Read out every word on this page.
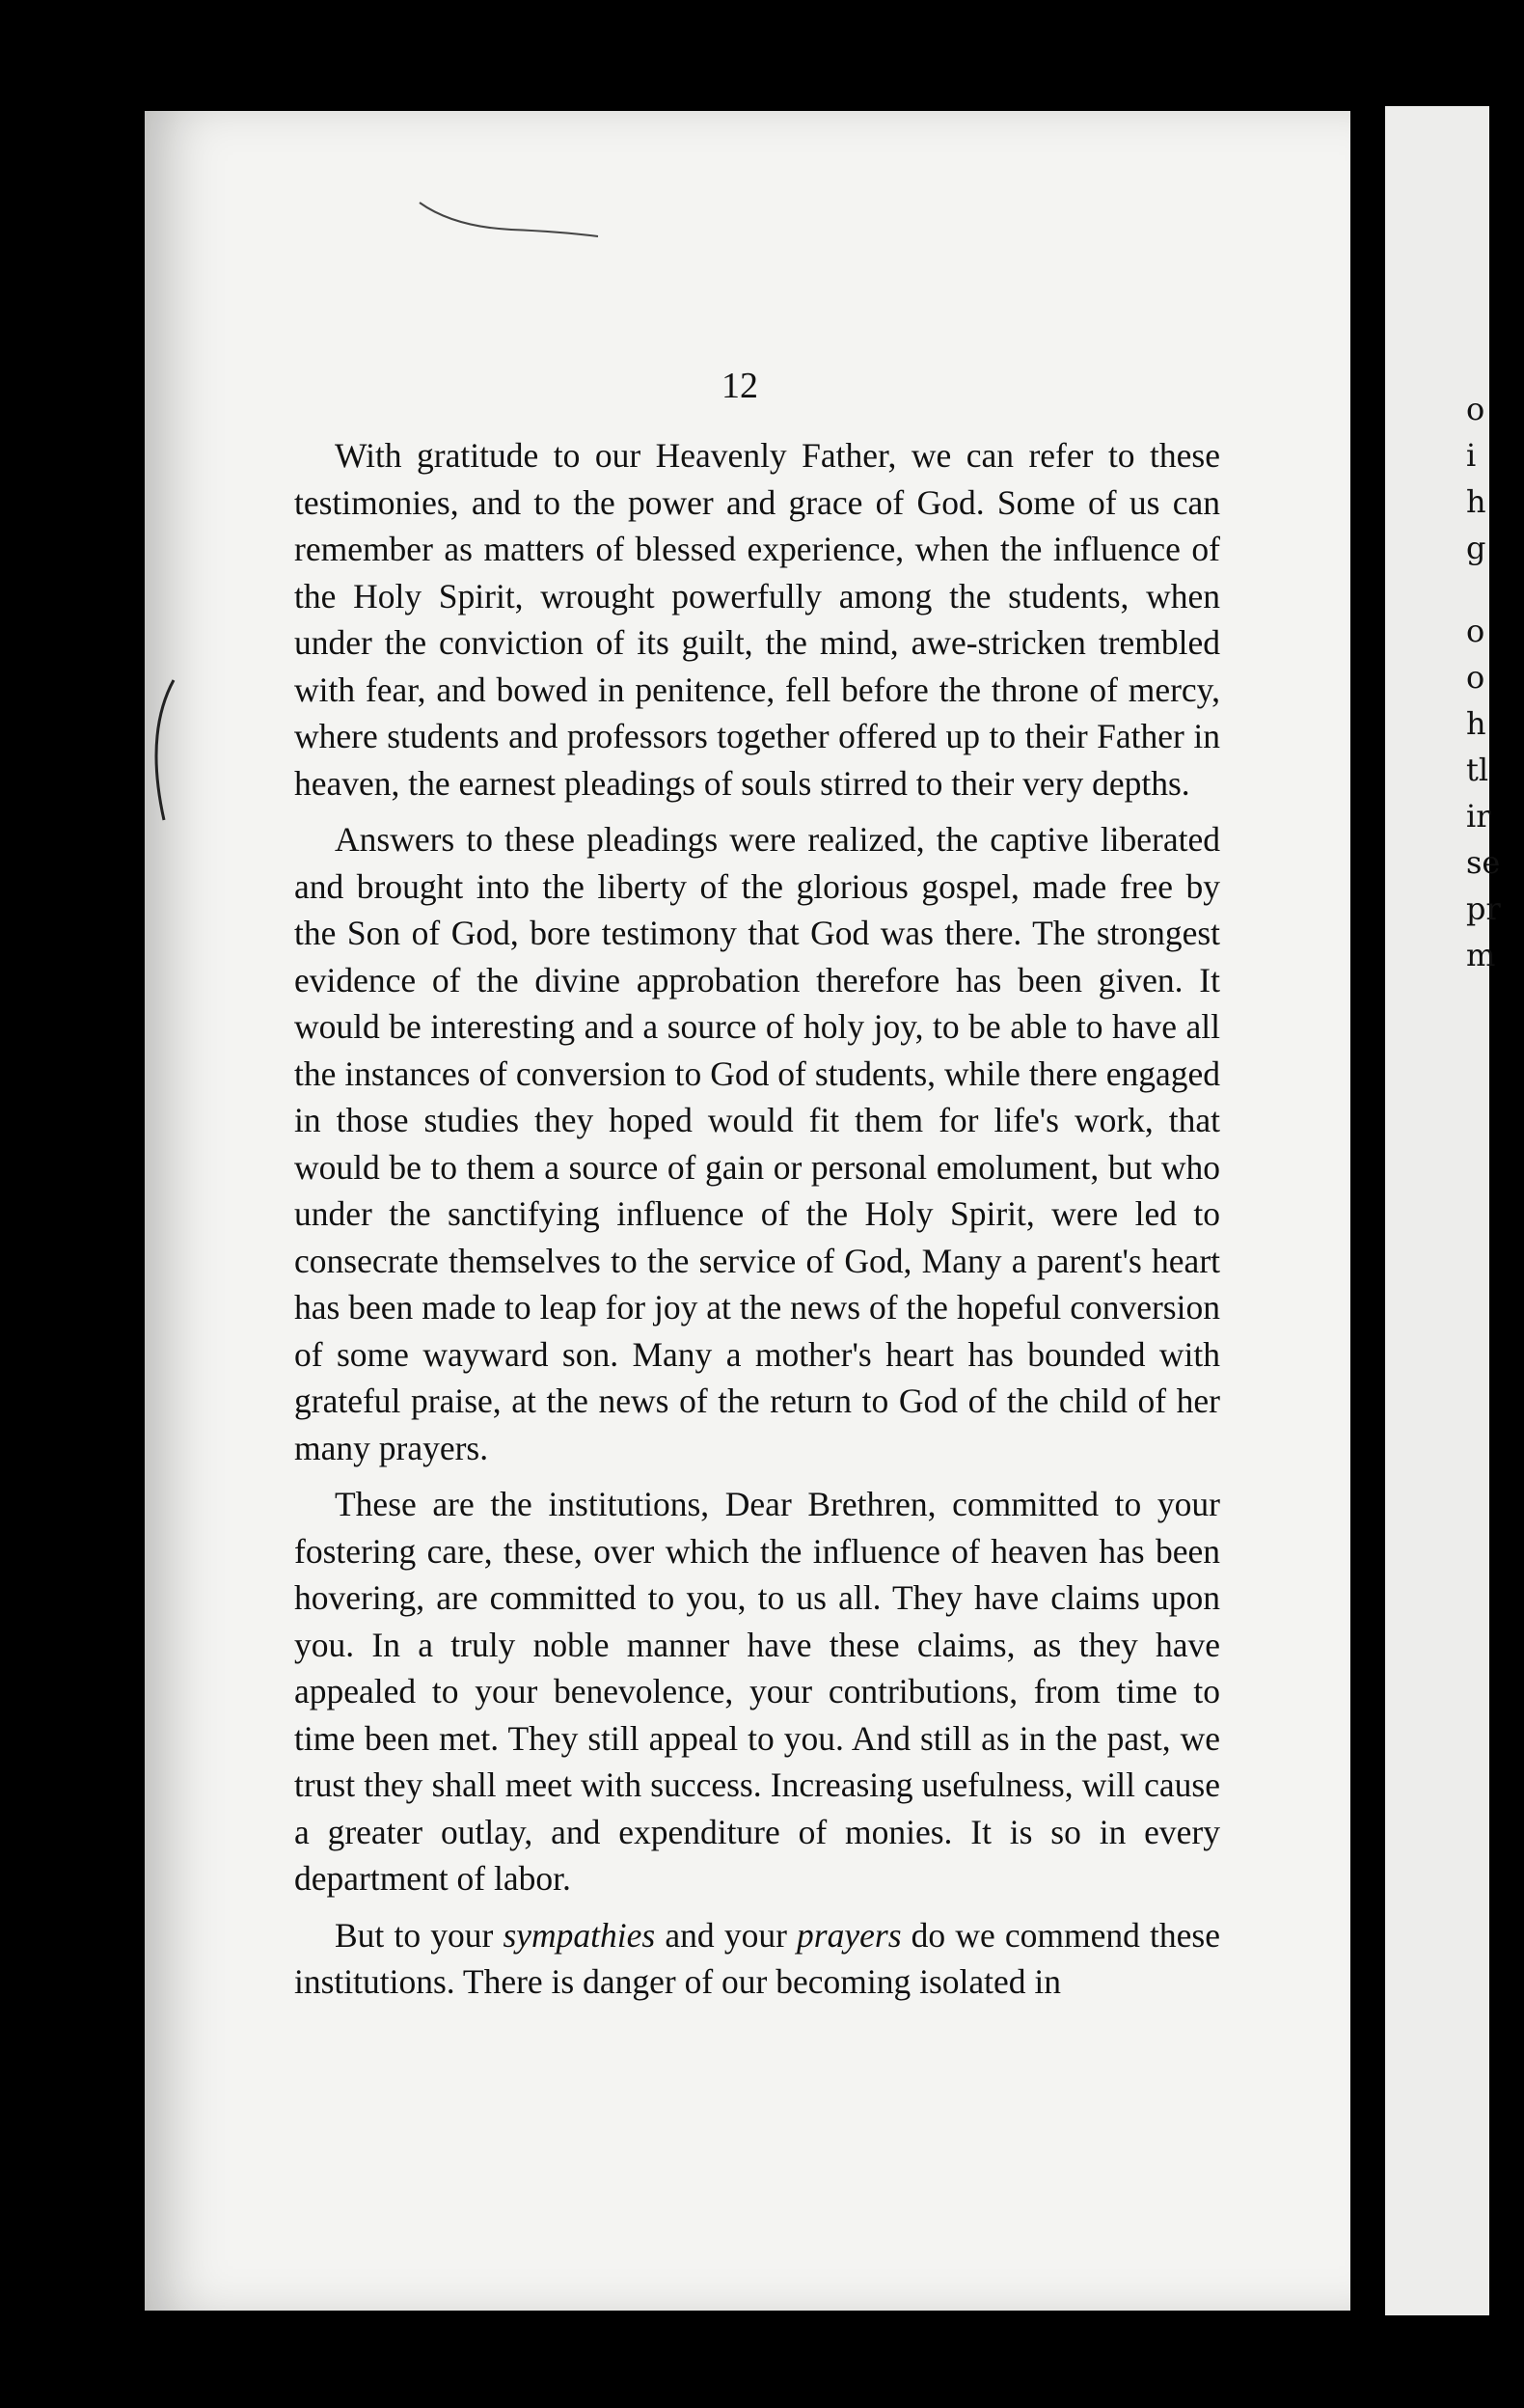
o
i
h
g
o
o
h
tl
ir
se
pr
m
12

With gratitude to our Heavenly Father, we can refer to these testimonies, and to the power and grace of God. Some of us can remember as matters of blessed experience, when the influence of the Holy Spirit, wrought powerfully among the students, when under the conviction of its guilt, the mind, awe-stricken trembled with fear, and bowed in penitence, fell before the throne of mercy, where students and professors together offered up to their Father in heaven, the earnest pleadings of souls stirred to their very depths.

Answers to these pleadings were realized, the captive liberated and brought into the liberty of the glorious gospel, made free by the Son of God, bore testimony that God was there. The strongest evidence of the divine approbation therefore has been given. It would be interesting and a source of holy joy, to be able to have all the instances of conversion to God of students, while there engaged in those studies they hoped would fit them for life's work, that would be to them a source of gain or personal emolument, but who under the sanctifying influence of the Holy Spirit, were led to consecrate themselves to the service of God, Many a parent's heart has been made to leap for joy at the news of the hopeful conversion of some wayward son. Many a mother's heart has bounded with grateful praise, at the news of the return to God of the child of her many prayers.

These are the institutions, Dear Brethren, committed to your fostering care, these, over which the influence of heaven has been hovering, are committed to you, to us all. They have claims upon you. In a truly noble manner have these claims, as they have appealed to your benevolence, your contributions, from time to time been met. They still appeal to you. And still as in the past, we trust they shall meet with success. Increasing usefulness, will cause a greater outlay, and expenditure of monies. It is so in every department of labor.

But to your sympathies and your prayers do we commend these institutions. There is danger of our becoming isolated in
